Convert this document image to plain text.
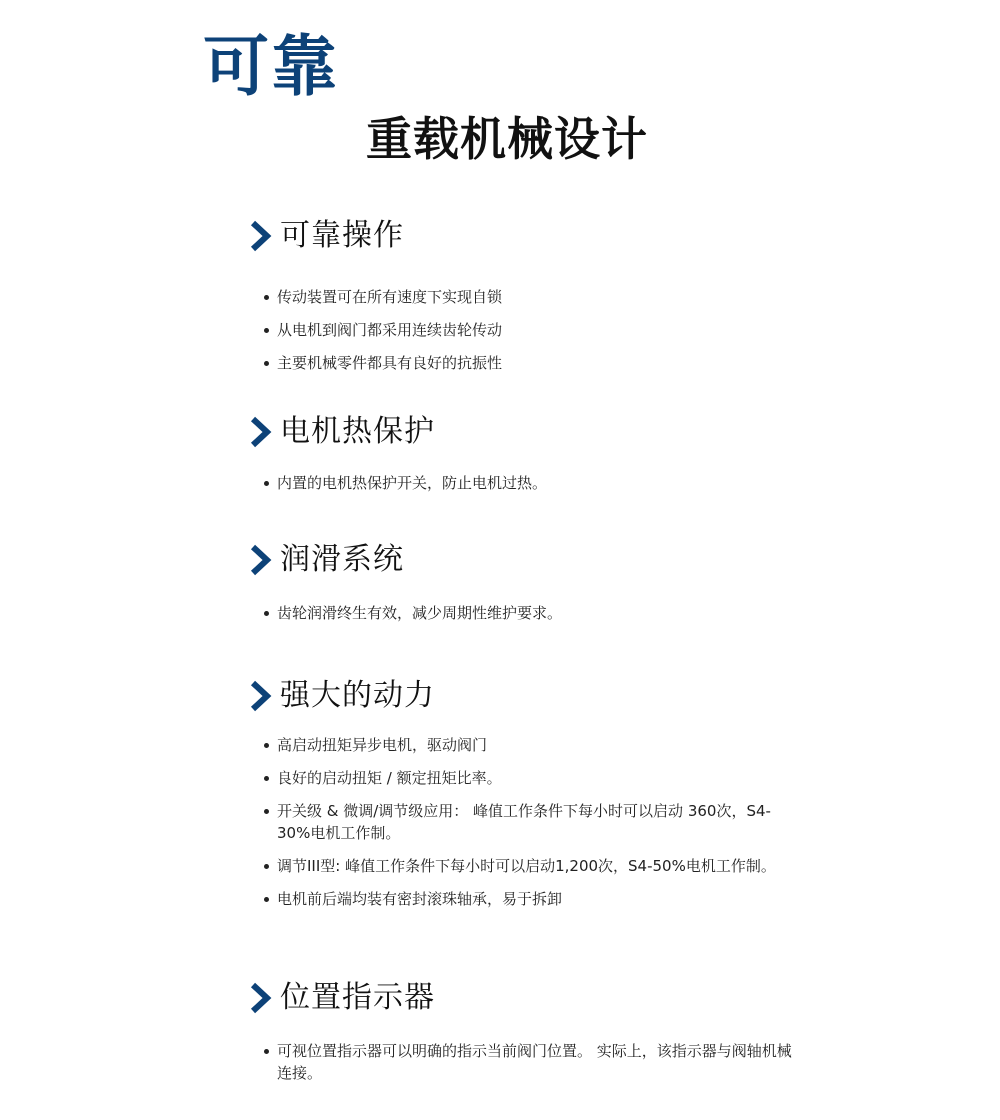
可靠
重载机械设计
可靠操作
传动装置可在所有速度下实现自锁
从电机到阀门都采用连续齿轮传动
主要机械零件都具有良好的抗振性
电机热保护
内置的电机热保护开关，防止电机过热。
润滑系统
齿轮润滑终生有效，减少周期性维护要求。
强大的动力
高启动扭矩异步电机，驱动阀门
良好的启动扭矩 / 额定扭矩比率。
开关级 & 微调/调节级应用： 峰值工作条件下每小时可以启动 360次，S4-30%电机工作制。
调节III型: 峰值工作条件下每小时可以启动1,200次，S4-50%电机工作制。
电机前后端均装有密封滚珠轴承，易于拆卸
位置指示器
可视位置指示器可以明确的指示当前阀门位置。 实际上，该指示器与阀轴机械连接。
